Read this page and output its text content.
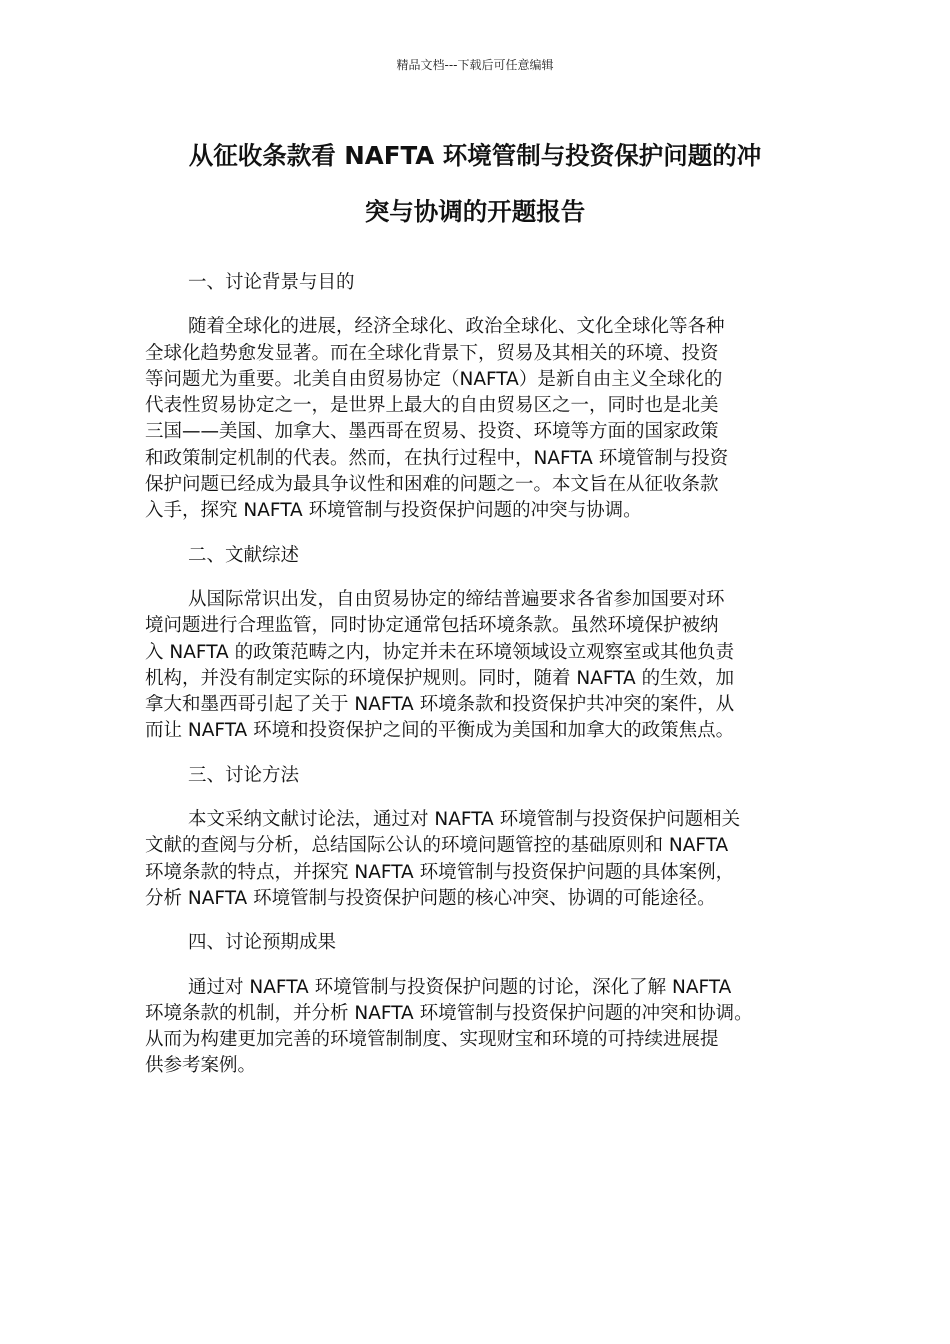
精品文档---下载后可任意编辑
从征收条款看 NAFTA 环境管制与投资保护问题的冲
突与协调的开题报告
一、讨论背景与目的
随着全球化的进展，经济全球化、政治全球化、文化全球化等各种
全球化趋势愈发显著。而在全球化背景下，贸易及其相关的环境、投资
等问题尤为重要。北美自由贸易协定（NAFTA）是新自由主义全球化的
代表性贸易协定之一，是世界上最大的自由贸易区之一，同时也是北美
三国——美国、加拿大、墨西哥在贸易、投资、环境等方面的国家政策
和政策制定机制的代表。然而，在执行过程中，NAFTA 环境管制与投资
保护问题已经成为最具争议性和困难的问题之一。本文旨在从征收条款
入手，探究 NAFTA 环境管制与投资保护问题的冲突与协调。
二、文献综述
从国际常识出发，自由贸易协定的缔结普遍要求各省参加国要对环
境问题进行合理监管，同时协定通常包括环境条款。虽然环境保护被纳
入 NAFTA 的政策范畴之内，协定并未在环境领域设立观察室或其他负责
机构，并没有制定实际的环境保护规则。同时，随着 NAFTA 的生效，加
拿大和墨西哥引起了关于 NAFTA 环境条款和投资保护共冲突的案件，从
而让 NAFTA 环境和投资保护之间的平衡成为美国和加拿大的政策焦点。
三、讨论方法
本文采纳文献讨论法，通过对 NAFTA 环境管制与投资保护问题相关
文献的查阅与分析，总结国际公认的环境问题管控的基础原则和 NAFTA
环境条款的特点，并探究 NAFTA 环境管制与投资保护问题的具体案例，
分析 NAFTA 环境管制与投资保护问题的核心冲突、协调的可能途径。
四、讨论预期成果
通过对 NAFTA 环境管制与投资保护问题的讨论，深化了解 NAFTA
环境条款的机制，并分析 NAFTA 环境管制与投资保护问题的冲突和协调。
从而为构建更加完善的环境管制制度、实现财宝和环境的可持续进展提
供参考案例。
